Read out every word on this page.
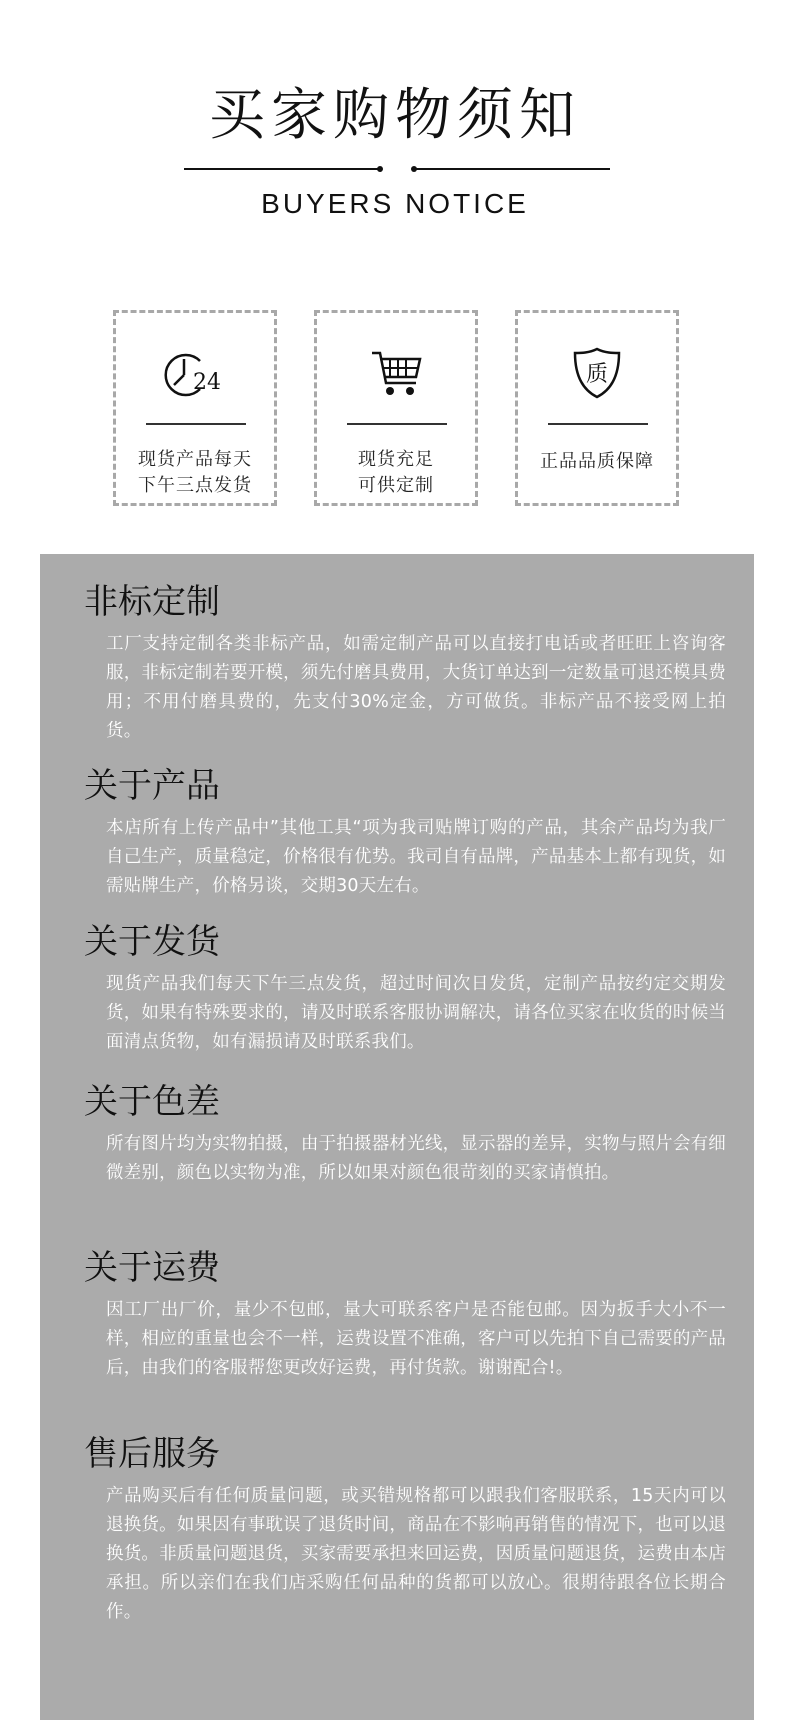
买家购物须知
BUYERS NOTICE
24
现货产品每天
下午三点发货
现货充足
可供定制
质
正品品质保障
非标定制

工厂支持定制各类非标产品，如需定制产品可以直接打电话或者旺旺上咨询客服，非标定制若要开模，须先付磨具费用，大货订单达到一定数量可退还模具费用；不用付磨具费的，先支付30%定金，方可做货。非标产品不接受网上拍货。

关于产品

本店所有上传产品中”其他工具“项为我司贴牌订购的产品，其余产品均为我厂自己生产，质量稳定，价格很有优势。我司自有品牌，产品基本上都有现货，如需贴牌生产，价格另谈，交期30天左右。

关于发货

现货产品我们每天下午三点发货，超过时间次日发货，定制产品按约定交期发货，如果有特殊要求的，请及时联系客服协调解决，请各位买家在收货的时候当面清点货物，如有漏损请及时联系我们。

关于色差

所有图片均为实物拍摄，由于拍摄器材光线，显示器的差异，实物与照片会有细微差别，颜色以实物为准，所以如果对颜色很苛刻的买家请慎拍。

关于运费

因工厂出厂价，量少不包邮，量大可联系客户是否能包邮。因为扳手大小不一样，相应的重量也会不一样，运费设置不准确，客户可以先拍下自己需要的产品后，由我们的客服帮您更改好运费，再付货款。谢谢配合!。

售后服务

产品购买后有任何质量问题，或买错规格都可以跟我们客服联系，15天内可以退换货。如果因有事耽误了退货时间，商品在不影响再销售的情况下，也可以退换货。非质量问题退货，买家需要承担来回运费，因质量问题退货，运费由本店承担。所以亲们在我们店采购任何品种的货都可以放心。很期待跟各位长期合作。
